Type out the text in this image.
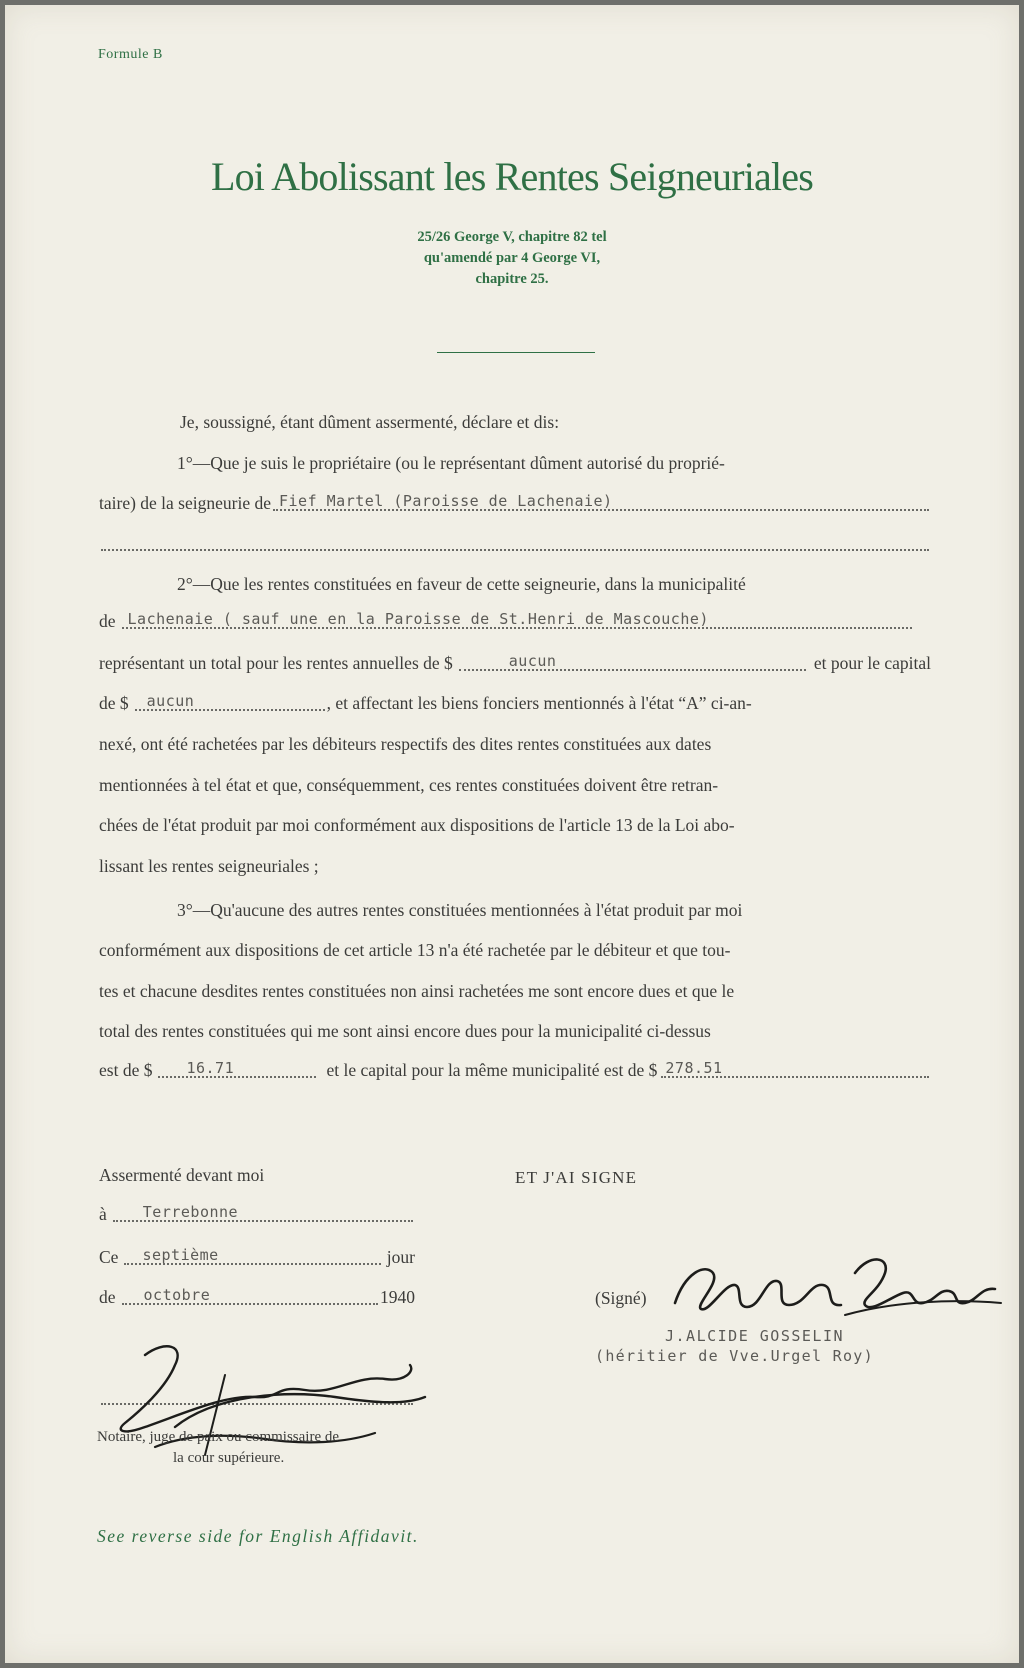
Formule B
Loi Abolissant les Rentes Seigneuriales
25/26 George V, chapitre 82 tel
qu'amendé par 4 George VI,
chapitre 25.
Je, soussigné, étant dûment assermenté, déclare et dis:
1°—Que je suis le propriétaire (ou le représentant dûment autorisé du proprié-
taire) de la seigneurie de Fief Martel (Paroisse de Lachenaie)
2°—Que les rentes constituées en faveur de cette seigneurie, dans la municipalité
de Lachenaie ( sauf une en la Paroisse de St.Henri de Mascouche)
représentant un total pour les rentes annuelles de $	aucun	et pour le capital
de $ aucun	, et affectant les biens fonciers mentionnés à l'état “A” ci-an-
nexé, ont été rachetées par les débiteurs respectifs des dites rentes constituées aux dates
mentionnées à tel état et que, conséquemment, ces rentes constituées doivent être retran-
chées de l'état produit par moi conformément aux dispositions de l'article 13 de la Loi abo-
lissant les rentes seigneuriales ;
3°—Qu'aucune des autres rentes constituées mentionnées à l'état produit par moi
conformément aux dispositions de cet article 13 n'a été rachetée par le débiteur et que tou-
tes et chacune desdites rentes constituées non ainsi rachetées me sont encore dues et que le
total des rentes constituées qui me sont ainsi encore dues pour la municipalité ci-dessus
est de $ 16.71	et le capital pour la même municipalité est de $ 278.51
Assermenté devant moi
à Terrebonne
Ce septième	jour
de octobre	1940
Notaire, juge de paix ou commissaire de
la cour supérieure.
ET J'AI SIGNE
(Signé)
J.ALCIDE GOSSELIN
(héritier de Vve.Urgel Roy)
See reverse side for English Affidavit.
